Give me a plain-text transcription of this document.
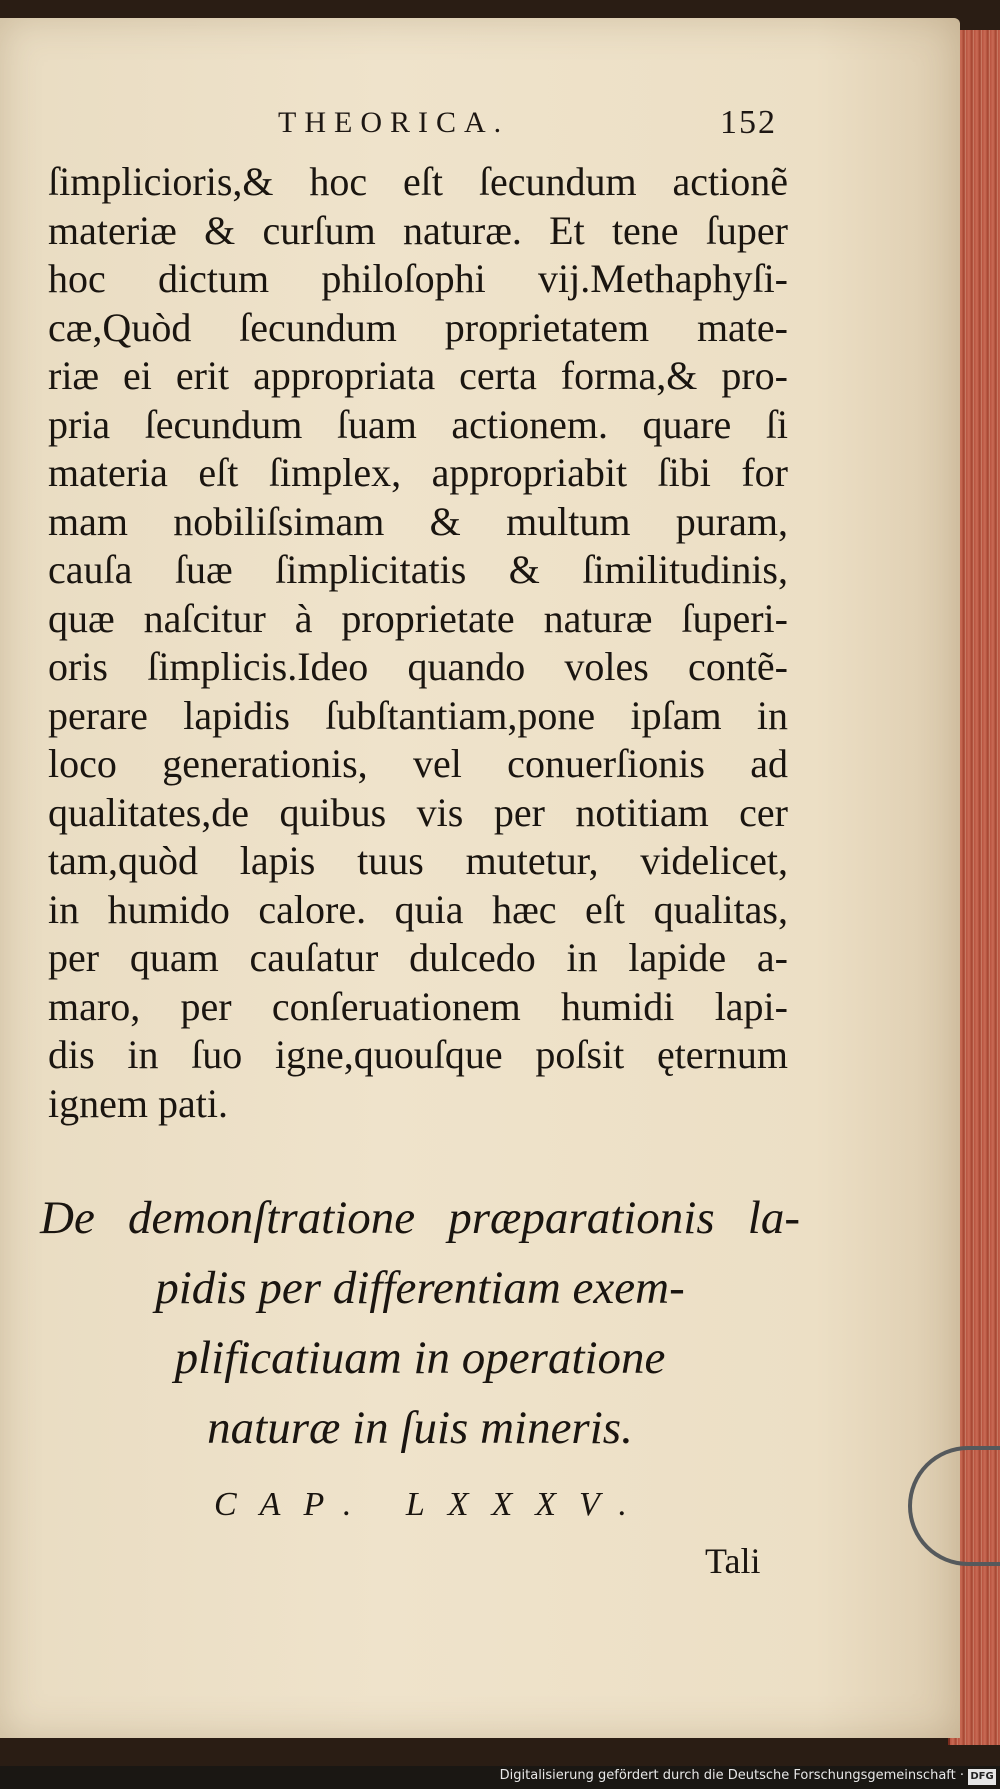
THEORICA.	152
ſimplicioris,& hoc eſt ſecundum actionẽ
materiæ & curſum naturæ. Et tene ſuper
hoc dictum philoſophi vij.Methaphyſi-
cæ,Quòd ſecundum proprietatem mate-
riæ ei erit appropriata certa forma,& pro-
pria ſecundum ſuam actionem. quare ſi
materia eſt ſimplex, appropriabit ſibi for
mam nobiliſsimam & multum puram,
cauſa ſuæ ſimplicitatis & ſimilitudinis,
quæ naſcitur à proprietate naturæ ſuperi-
oris ſimplicis.Ideo quando voles contẽ-
perare lapidis ſubſtantiam,pone ipſam in
loco generationis, vel conuerſionis ad
qualitates,de quibus vis per notitiam cer
tam,quòd lapis tuus mutetur, videlicet,
in humido calore. quia hæc eſt qualitas,
per quam cauſatur dulcedo in lapide a-
maro, per conſeruationem humidi lapi-
dis in ſuo igne,quouſque poſsit ęternum
ignem pati.
De demonſtratione præparationis la-
pidis per differentiam exem-
plificatiuam in operatione
naturæ in ſuis mineris.
CAP. LXXXV.
Tali
Digitalisierung gefördert durch die Deutsche Forschungsgemeinschaft · DFG
